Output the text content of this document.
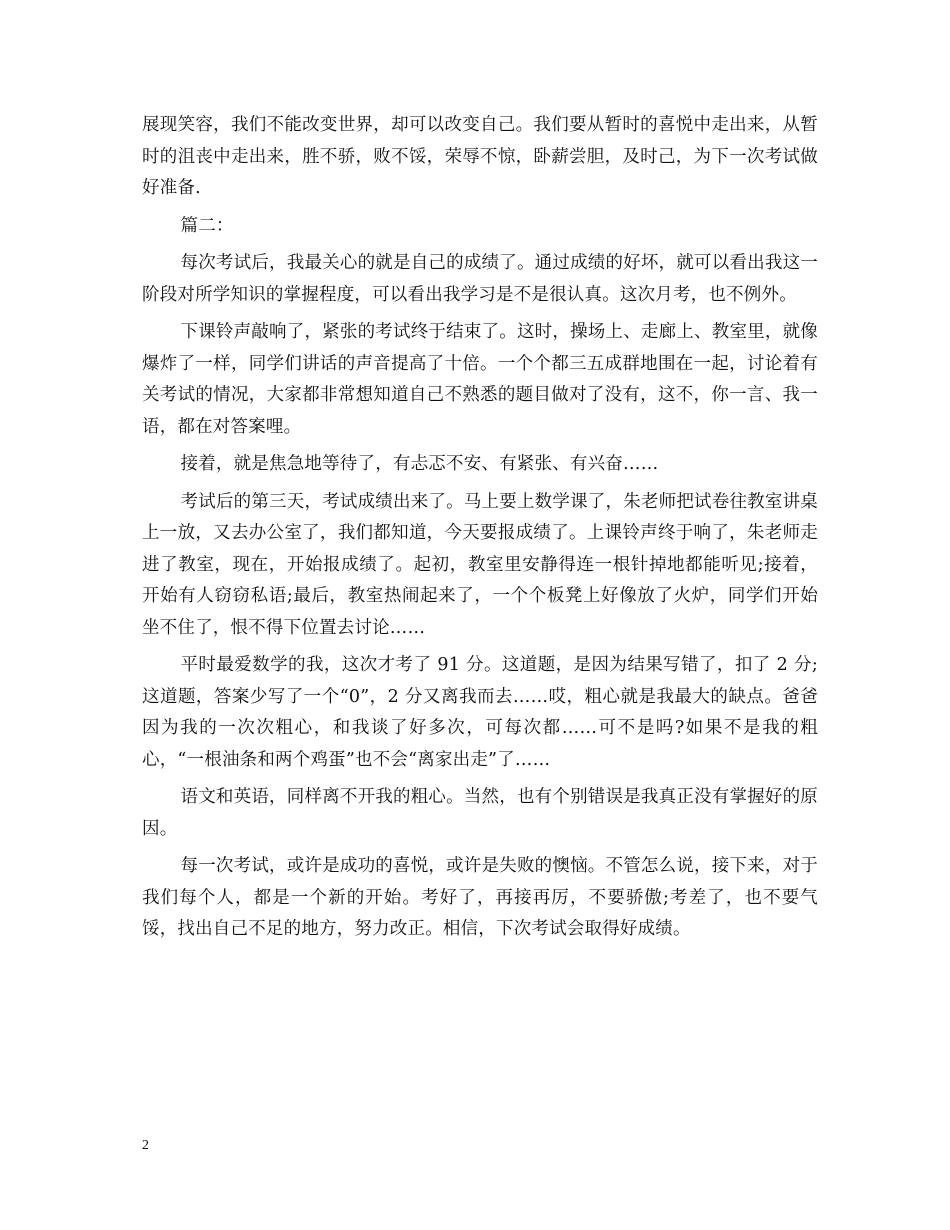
展现笑容，我们不能改变世界，却可以改变自己。我们要从暂时的喜悦中走出来，从暂时的沮丧中走出来，胜不骄，败不馁，荣辱不惊，卧薪尝胆，及时己，为下一次考试做好准备.

篇二：

每次考试后，我最关心的就是自己的成绩了。通过成绩的好坏，就可以看出我这一阶段对所学知识的掌握程度，可以看出我学习是不是很认真。这次月考，也不例外。

下课铃声敲响了，紧张的考试终于结束了。这时，操场上、走廊上、教室里，就像爆炸了一样，同学们讲话的声音提高了十倍。一个个都三五成群地围在一起，讨论着有关考试的情况，大家都非常想知道自己不熟悉的题目做对了没有，这不，你一言、我一语，都在对答案哩。

接着，就是焦急地等待了，有忐忑不安、有紧张、有兴奋……

考试后的第三天，考试成绩出来了。马上要上数学课了，朱老师把试卷往教室讲桌上一放，又去办公室了，我们都知道，今天要报成绩了。上课铃声终于响了，朱老师走进了教室，现在，开始报成绩了。起初，教室里安静得连一根针掉地都能听见;接着，开始有人窃窃私语;最后，教室热闹起来了，一个个板凳上好像放了火炉，同学们开始坐不住了，恨不得下位置去讨论……

平时最爱数学的我，这次才考了 91 分。这道题，是因为结果写错了，扣了 2 分;这道题，答案少写了一个“0”，2 分又离我而去……哎，粗心就是我最大的缺点。爸爸因为我的一次次粗心，和我谈了好多次，可每次都……可不是吗?如果不是我的粗心，“一根油条和两个鸡蛋”也不会“离家出走”了……

语文和英语，同样离不开我的粗心。当然，也有个别错误是我真正没有掌握好的原因。

每一次考试，或许是成功的喜悦，或许是失败的懊恼。不管怎么说，接下来，对于我们每个人，都是一个新的开始。考好了，再接再厉，不要骄傲;考差了，也不要气馁，找出自己不足的地方，努力改正。相信，下次考试会取得好成绩。

2
